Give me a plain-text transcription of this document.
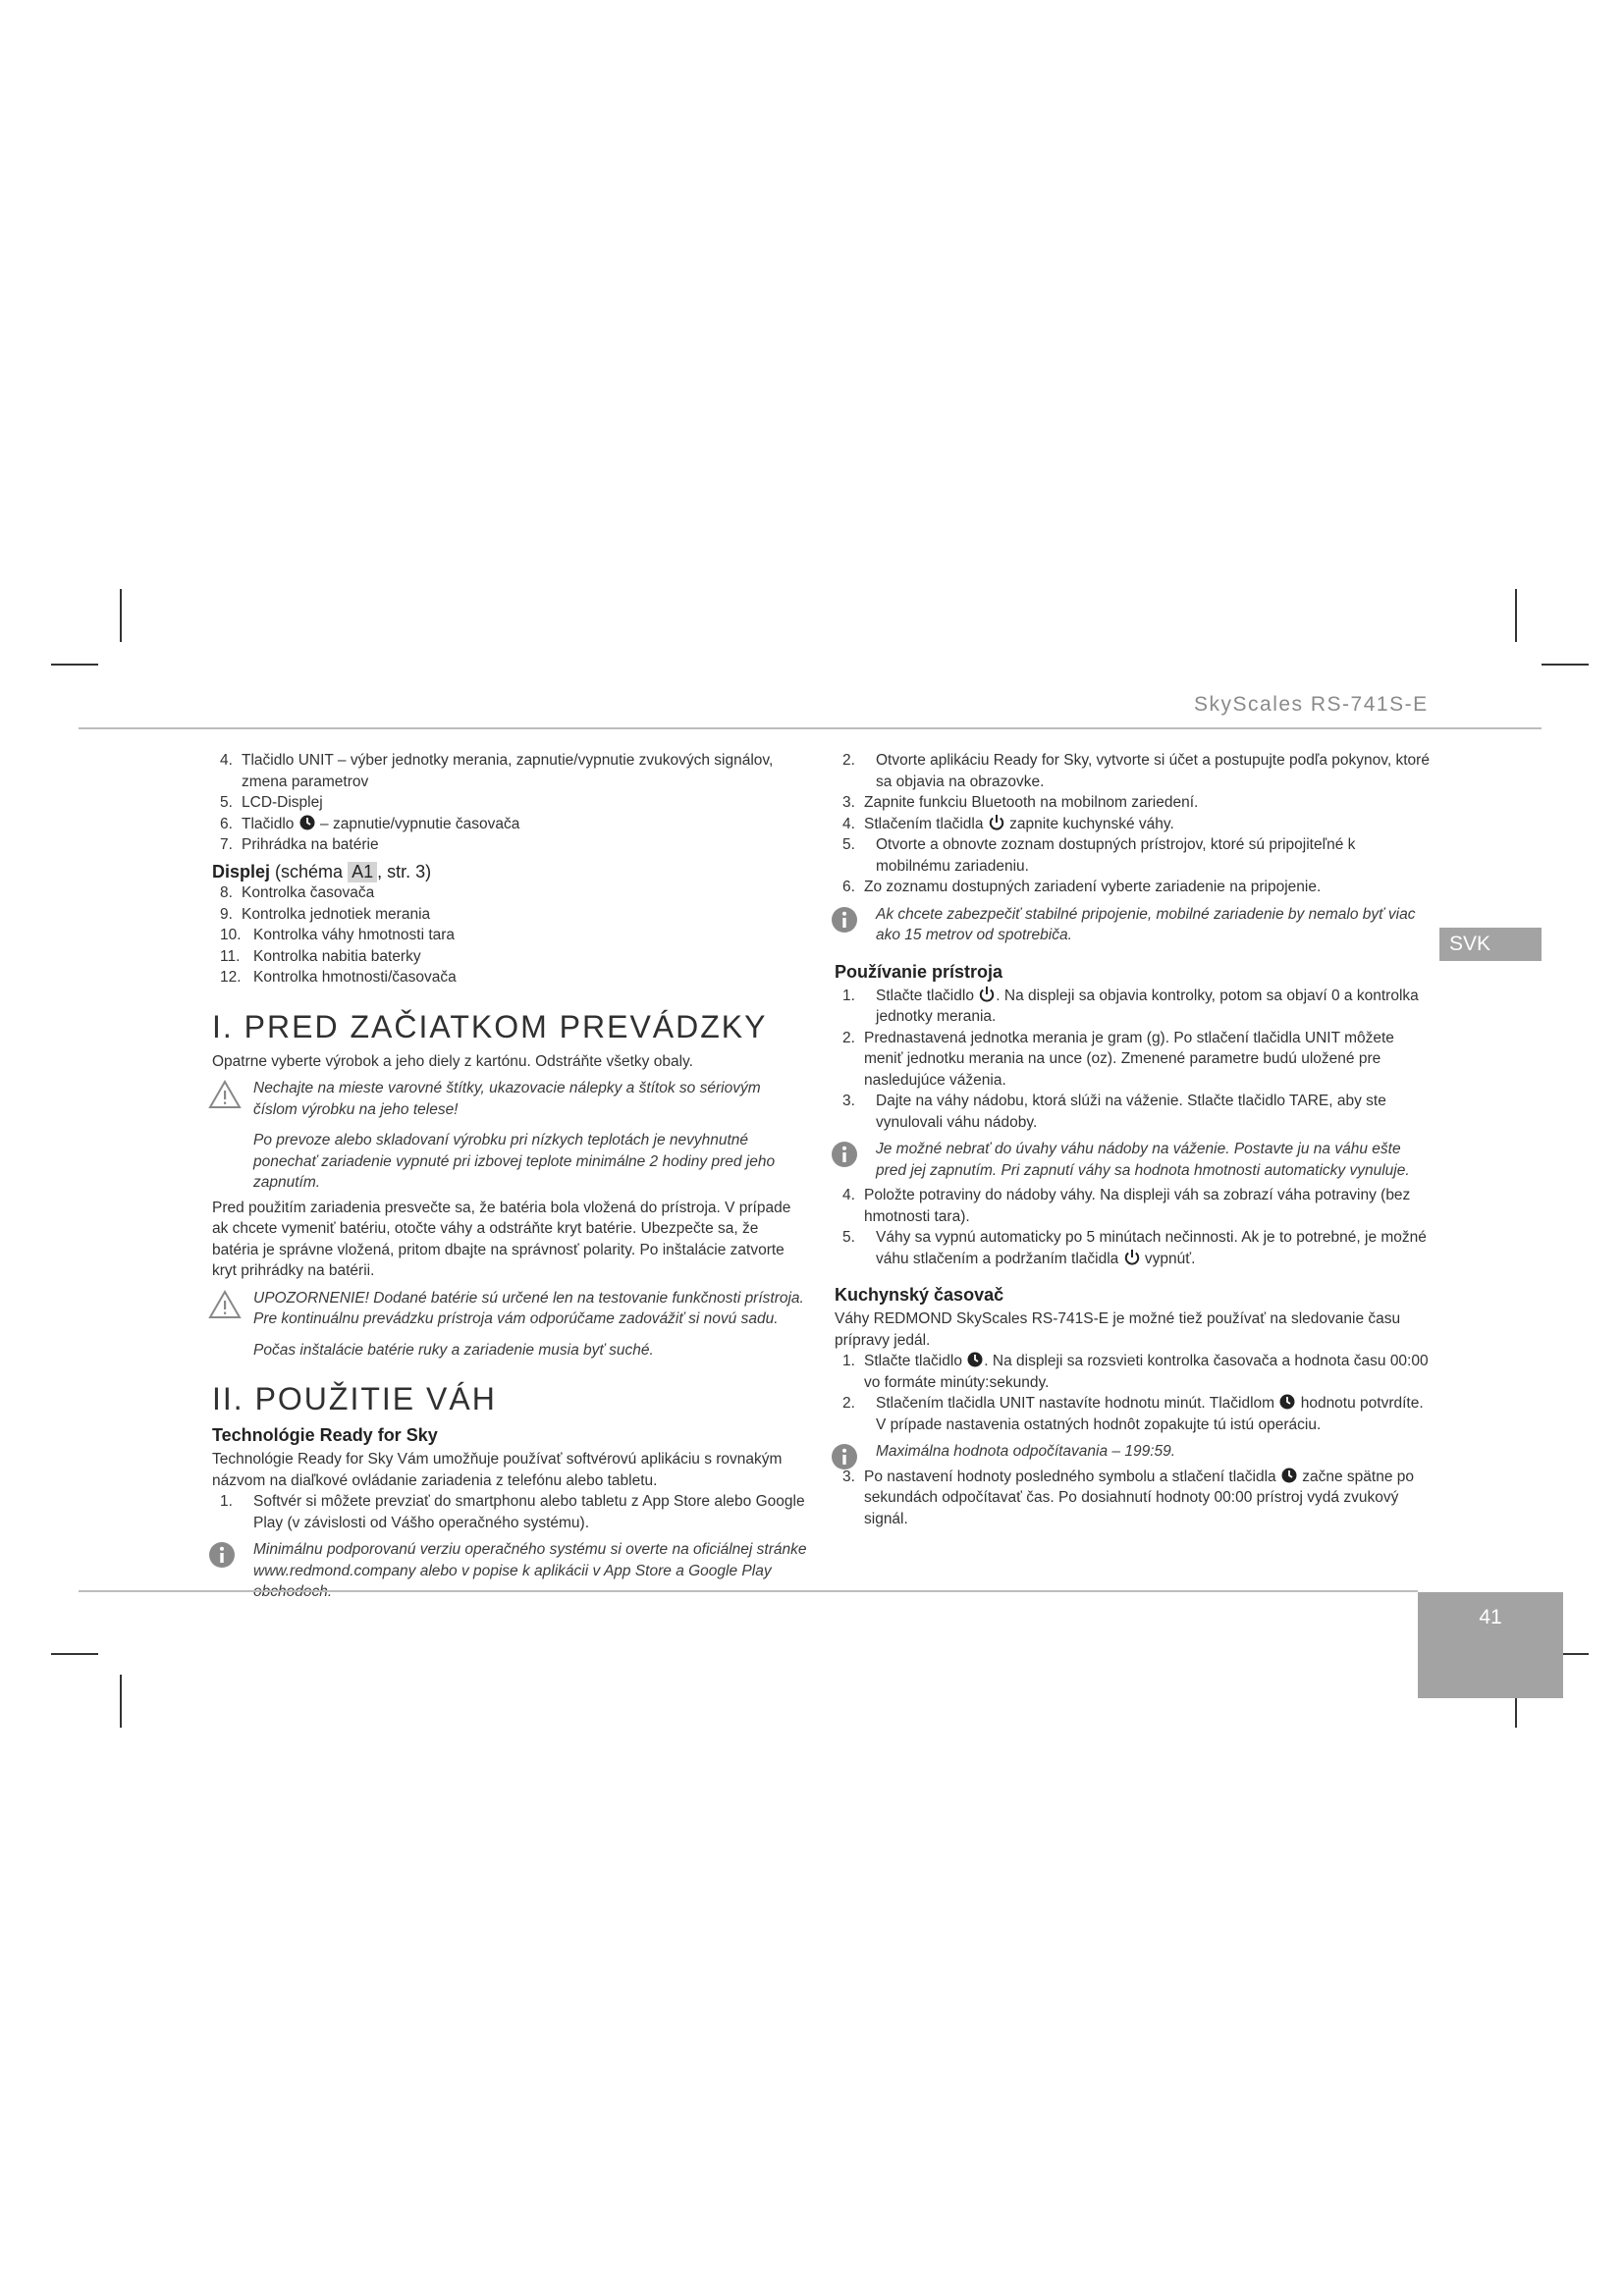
SkyScales RS-741S-E
SVK
4. Tlačidlo UNIT – výber jednotky merania, zapnutie/vypnutie zvukových signálov, zmena parametrov
5. LCD-Displej
6. Tlačidlo – zapnutie/vypnutie časovača
7. Prihrádka na batérie

Displej (schéma A1 , str. 3)

8. Kontrolka časovača
9. Kontrolka jednotiek merania
10. Kontrolka váhy hmotnosti tara
11. Kontrolka nabitia baterky
12. Kontrolka hmotnosti/časovača
I. PRED ZAČIATKOM PREVÁDZKY

Opatrne vyberte výrobok a jeho diely z kartónu. Odstráňte všetky obaly.

Nechajte na mieste varovné štítky, ukazovacie nálepky a štítok so sériovým číslom výrobku na jeho telese!

Po prevoze alebo skladovaní výrobku pri nízkych teplotách je nevyhnutné ponechať zariadenie vypnuté pri izbovej teplote minimálne 2 hodiny pred jeho zapnutím.

Pred použitím zariadenia presvečte sa, že batéria bola vložená do prístroja. V prípade ak chcete vymeniť batériu, otočte váhy a odstráňte kryt batérie. Ubezpečte sa, že batéria je správne vložená, pritom dbajte na správnosť polarity. Po inštalácie zatvorte kryt prihrádky na batérii.

UPOZORNENIE! Dodané batérie sú určené len na testovanie funkčnosti prístroja. Pre kontinuálnu prevádzku prístroja vám odporúčame zadovážiť si novú sadu.

Počas inštalácie batérie ruky a zariadenie musia byť suché.

II. POUŽITIE VÁH

Technológie Ready for Sky

Technológie Ready for Sky Vám umožňuje používať softvérovú aplikáciu s rovnakým názvom na diaľkové ovládanie zariadenia z telefónu alebo tabletu.

1. Softvér si môžete prevziať do smartphonu alebo tabletu z App Store alebo Google Play (v závislosti od Vášho operačného systému).

Minimálnu podporovanú verziu operačného systému si overte na oficiálnej stránke www.redmond.company alebo v popise k aplikácii v App Store a Google Play

2. Otvorte aplikáciu Ready for Sky, vytvorte si účet a postupujte podľa pokynov, ktoré sa objavia na obrazovke.
3. Zapnite funkciu Bluetooth na mobilnom zariedení.
4. Stlačením tlačidla zapnite kuchynské váhy.
5. Otvorte a obnovte zoznam dostupných prístrojov, ktoré sú pripojiteľné k mobilnému zariadeniu.
6. Zo zoznamu dostupných zariadení vyberte zariadenie na pripojenie.

Ak chcete zabezpečiť stabilné pripojenie, mobilné zariadenie by nemalo byť viac ako 15 metrov od spotrebiča.

Používanie prístroja

1. Stlačte tlačidlo . Na displeji sa objavia kontrolky, potom sa objaví 0 a kontrolka jednotky merania.
2. Prednastavená jednotka merania je gram (g). Po stlačení tlačidla UNIT môžete meniť jednotku merania na unce (oz). Zmenené parametre budú uložené pre nasledujúce váženia.
3. Dajte na váhy nádobu, ktorá slúži na váženie. Stlačte tlačidlo TARE, aby ste vynulovali váhu nádoby.

Je možné nebrať do úvahy váhu nádoby na váženie. Postavte ju na váhu ešte pred jej zapnutím. Pri zapnutí váhy sa hodnota hmotnosti automaticky vynuluje.

4. Položte potraviny do nádoby váhy. Na displeji váh sa zobrazí váha potraviny (bez hmotnosti tara).
5. Váhy sa vypnú automaticky po 5 minútach nečinnosti. Ak je to potrebné, je možné váhu stlačením a podržaním tlačidla vypnúť.

Kuchynský časovač

Váhy REDMOND SkyScales RS-741S-E je možné tiež používať na sledovanie času prípravy jedál.

1. Stlačte tlačidlo . Na displeji sa rozsvieti kontrolka časovača a hodnota času 00:00 vo formáte minúty:sekundy.
2. Stlačením tlačidla UNIT nastavíte hodnotu minút. Tlačidlom hodnotu potvrdíte. V prípade nastavenia ostatných hodnôt zopakujte tú istú operáciu.

Maximálna hodnota odpočítavania – 199:59.

3. Po nastavení hodnoty posledného symbolu a stlačení tlačidla začne spätne po sekundách odpočítavať čas. Po dosiahnutí hodnoty 00:00 prístroj vydá zvukový signál.
41
